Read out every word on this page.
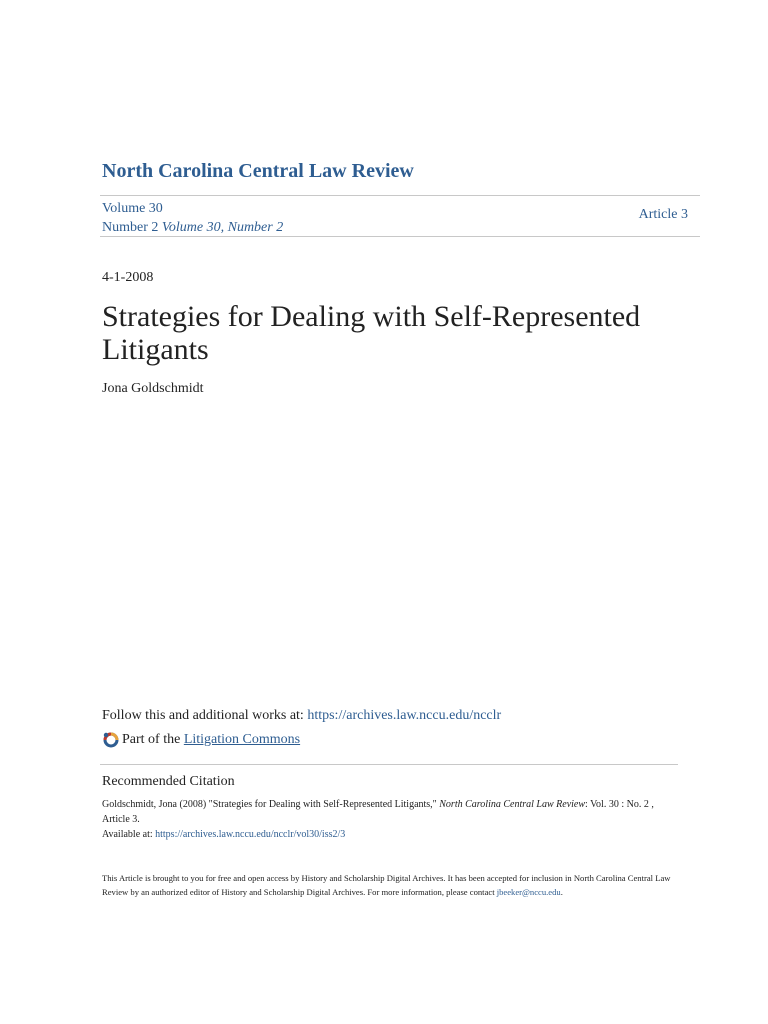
North Carolina Central Law Review
Volume 30
Number 2 Volume 30, Number 2
Article 3
4-1-2008
Strategies for Dealing with Self-Represented Litigants
Jona Goldschmidt
Follow this and additional works at: https://archives.law.nccu.edu/ncclr
Part of the
Litigation Commons
Recommended Citation
Goldschmidt, Jona (2008) "Strategies for Dealing with Self-Represented Litigants," North Carolina Central Law Review: Vol. 30 : No. 2 , Article 3.
Available at: https://archives.law.nccu.edu/ncclr/vol30/iss2/3
This Article is brought to you for free and open access by History and Scholarship Digital Archives. It has been accepted for inclusion in North Carolina Central Law Review by an authorized editor of History and Scholarship Digital Archives. For more information, please contact jbeeker@nccu.edu.
